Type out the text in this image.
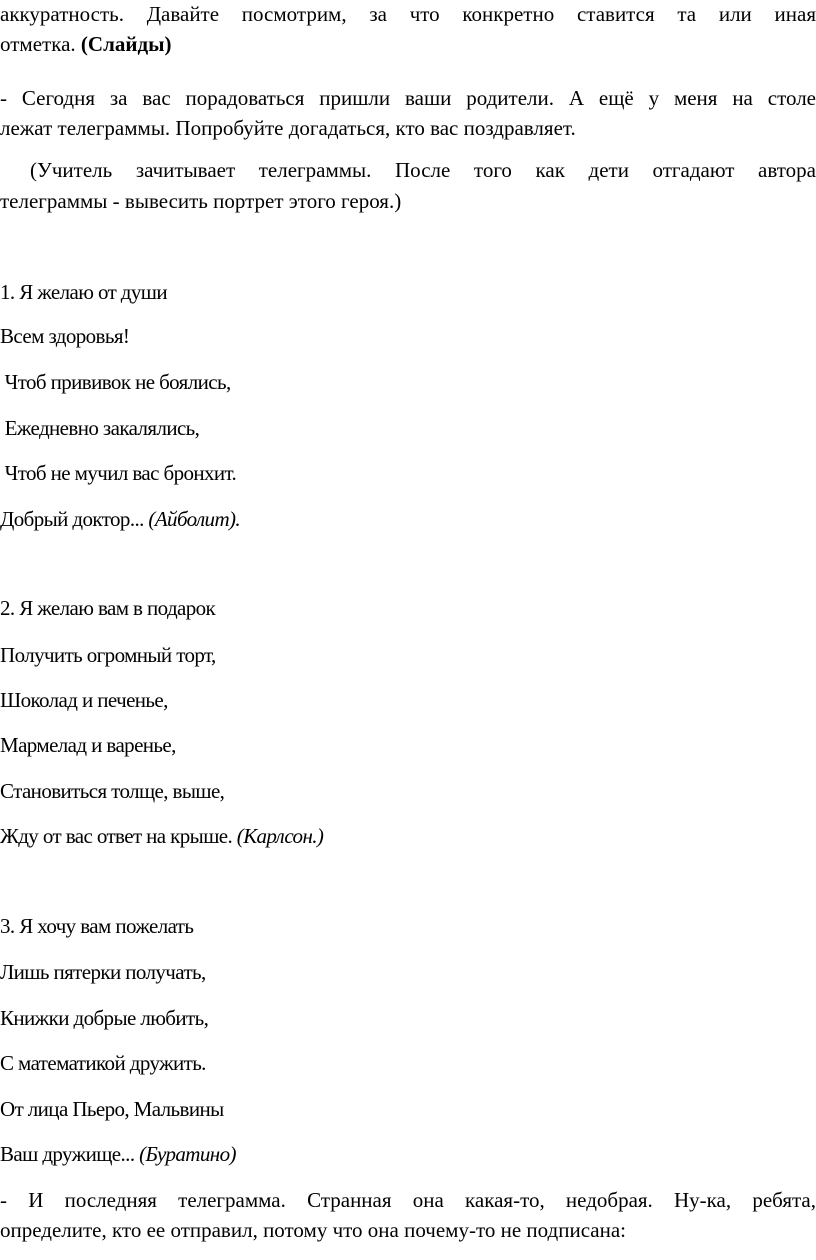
аккуратность. Давайте посмотрим, за что конкретно ставится та или иная
отметка. (Слайды)
- Сегодня за вас порадоваться пришли ваши родители. А ещё у меня на столе
лежат телеграммы. Попробуйте догадаться, кто вас поздравляет.
(Учитель зачитывает телеграммы. После того как дети отгадают автора
телеграммы - вывесить портрет этого героя.)
1. Я желаю от души
Всем здоровья!
Чтоб прививок не боялись,
Ежедневно закалялись,
Чтоб не мучил вас бронхит.
Добрый доктор... (Айболит).
2. Я желаю вам в подарок
Получить огромный торт,
Шоколад и печенье,
Мармелад и варенье,
Становиться толще, выше,
Жду от вас ответ на крыше. (Карлсон.)
3. Я хочу вам пожелать
Лишь пятерки получать,
Книжки добрые любить,
С математикой дружить.
От лица Пьеро, Мальвины
Ваш дружище... (Буратино)
- И последняя телеграмма. Странная она какая-то, недобрая. Ну-ка, ребята,
определите, кто ее отправил, потому что она почему-то не подписана:
